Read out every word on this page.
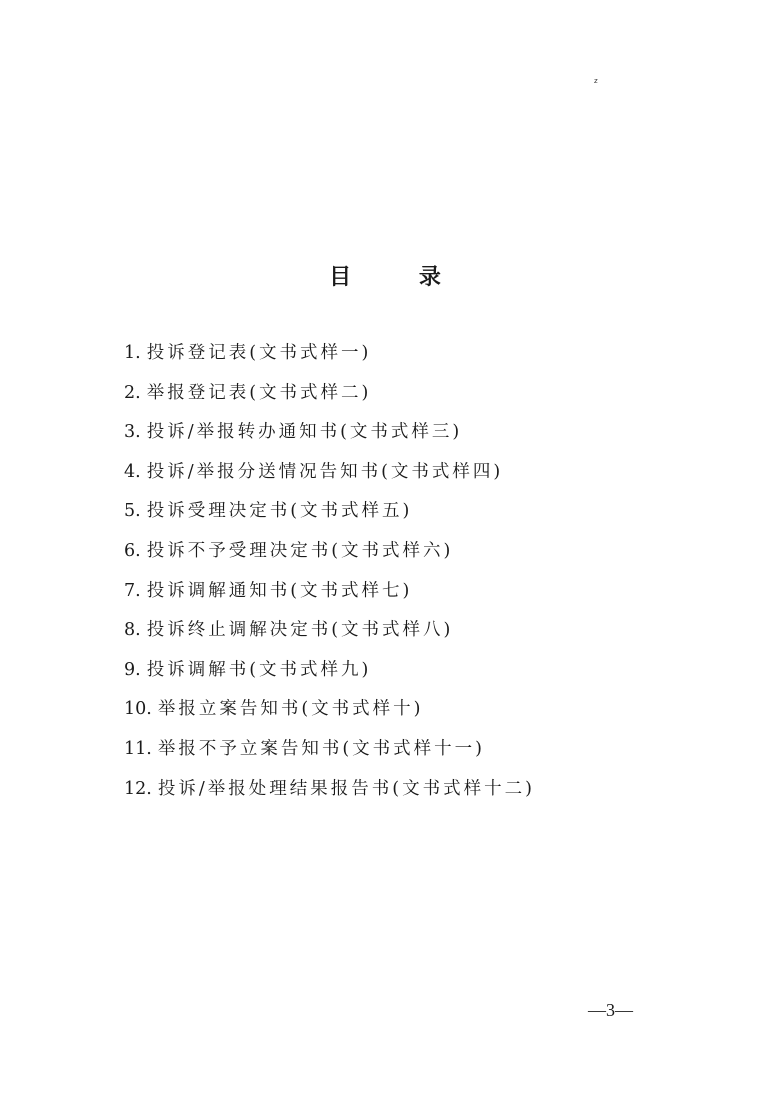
z
目 录
1. 投诉登记表(文书式样一)
2. 举报登记表(文书式样二)
3. 投诉/举报转办通知书(文书式样三)
4. 投诉/举报分送情况告知书(文书式样四)
5. 投诉受理决定书(文书式样五)
6. 投诉不予受理决定书(文书式样六)
7. 投诉调解通知书(文书式样七)
8. 投诉终止调解决定书(文书式样八)
9. 投诉调解书(文书式样九)
10. 举报立案告知书(文书式样十)
11. 举报不予立案告知书(文书式样十一)
12. 投诉/举报处理结果报告书(文书式样十二)
—3—
